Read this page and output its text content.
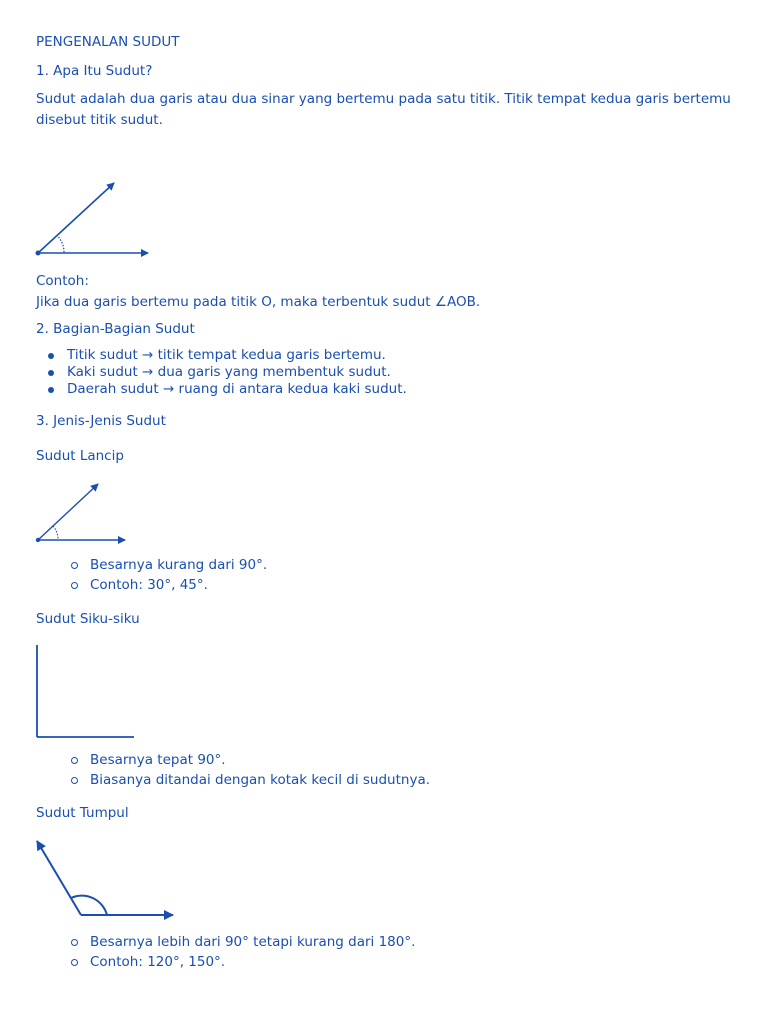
PENGENALAN SUDUT

1. Apa Itu Sudut?

Sudut adalah dua garis atau dua sinar yang bertemu pada satu titik. Titik tempat kedua garis bertemu disebut titik sudut.

Contoh:

Jika dua garis bertemu pada titik O, maka terbentuk sudut ∠AOB.

2. Bagian-Bagian Sudut

Titik sudut → titik tempat kedua garis bertemu.
Kaki sudut → dua garis yang membentuk sudut.
Daerah sudut → ruang di antara kedua kaki sudut.

3. Jenis-Jenis Sudut

Sudut Lancip

Besarnya kurang dari 90°.
Contoh: 30°, 45°.

Sudut Siku-siku

Besarnya tepat 90°.
Biasanya ditandai dengan kotak kecil di sudutnya.

Sudut Tumpul

Besarnya lebih dari 90° tetapi kurang dari 180°.
Contoh: 120°, 150°.
